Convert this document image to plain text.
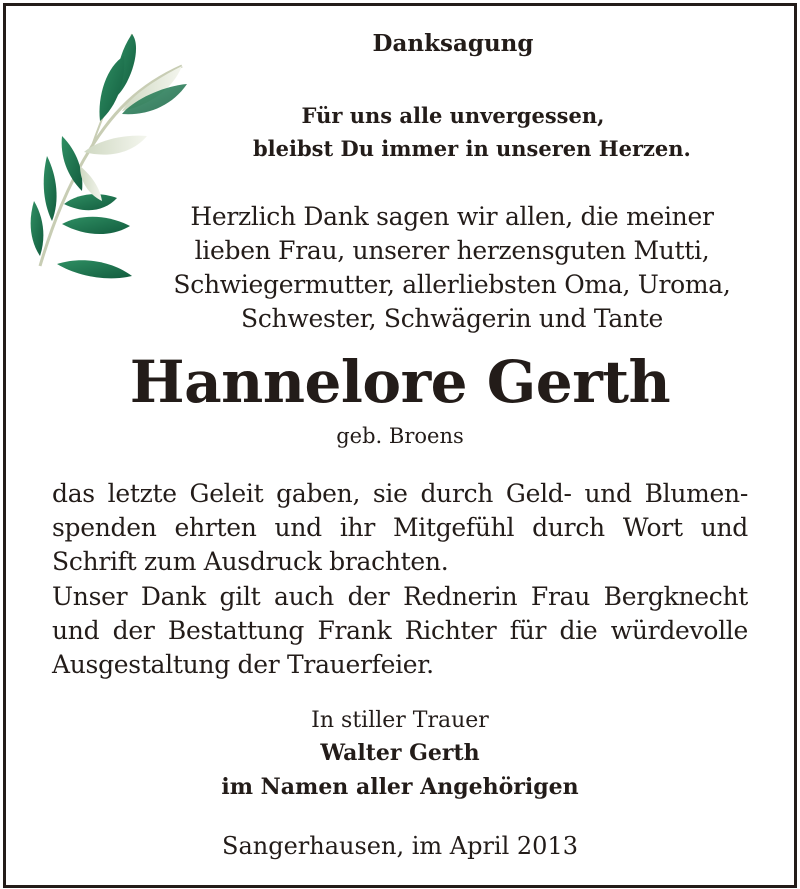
Danksagung
Für uns alle unvergessen,
bleibst Du immer in unseren Herzen.
Herzlich Dank sagen wir allen, die meiner
lieben Frau, unserer herzensguten Mutti,
Schwiegermutter, allerliebsten Oma, Uroma,
Schwester, Schwägerin und Tante
Hannelore Gerth
geb. Broens
das letzte Geleit gaben, sie durch Geld- und Blumen-
spenden ehrten und ihr Mitgefühl durch Wort und
Schrift zum Ausdruck brachten.
Unser Dank gilt auch der Rednerin Frau Bergknecht
und der Bestattung Frank Richter für die würdevolle
Ausgestaltung der Trauerfeier.
In stiller Trauer
Walter Gerth
im Namen aller Angehörigen
Sangerhausen, im April 2013
